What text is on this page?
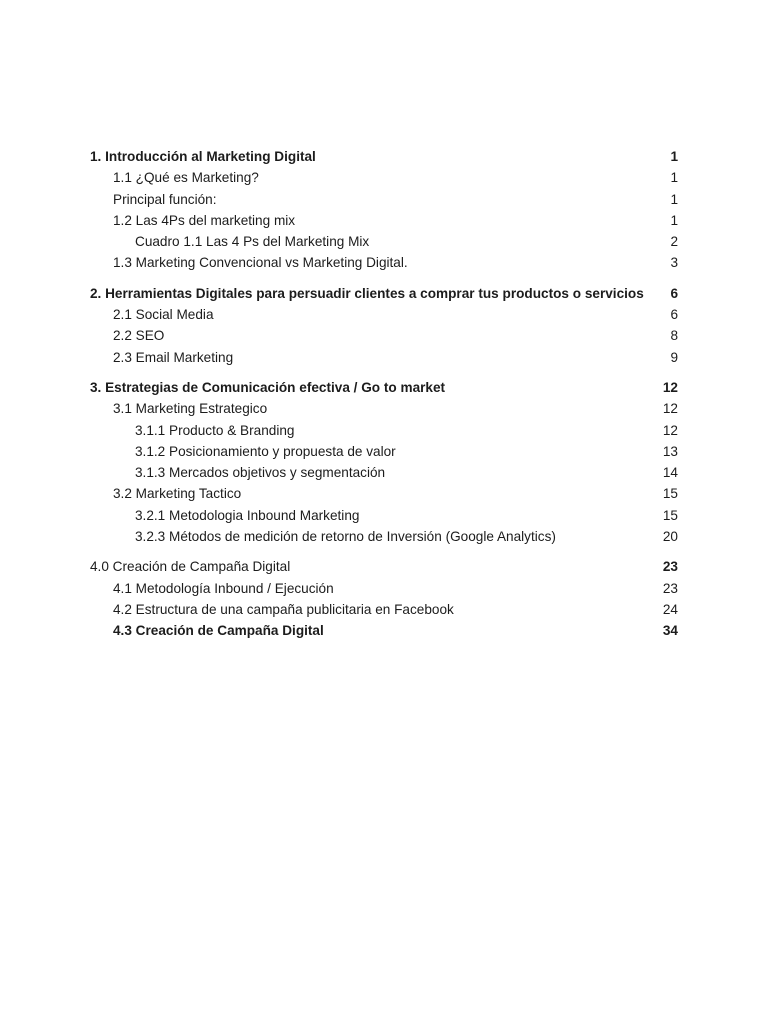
1. Introducción al Marketing Digital	1
1.1 ¿Qué es Marketing?	1
Principal función:	1
1.2 Las 4Ps del marketing mix	1
Cuadro 1.1 Las 4 Ps del Marketing Mix	2
1.3 Marketing Convencional vs Marketing Digital.	3
2. Herramientas Digitales para persuadir clientes a comprar tus productos o servicios	6
2.1 Social Media	6
2.2 SEO	8
2.3 Email Marketing	9
3. Estrategias de Comunicación efectiva / Go to market	12
3.1 Marketing Estrategico	12
3.1.1 Producto & Branding	12
3.1.2 Posicionamiento y propuesta de valor	13
3.1.3 Mercados objetivos y segmentación	14
3.2 Marketing Tactico	15
3.2.1 Metodologia Inbound Marketing	15
3.2.3 Métodos de medición de retorno de Inversión (Google Analytics)	20
4.0 Creación de Campaña Digital	23
4.1 Metodología Inbound / Ejecución	23
4.2 Estructura de una campaña publicitaria en Facebook	24
4.3 Creación de Campaña Digital	34
